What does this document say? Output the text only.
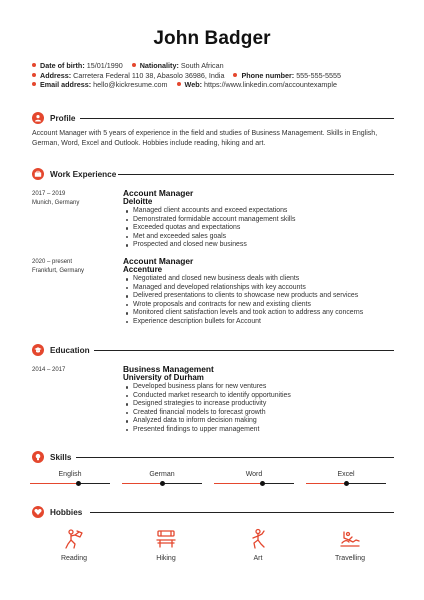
John Badger
Date of birth: 15/01/1990 Nationality: South African
Address: Carretera Federal 110 38, Abasolo 36986, India Phone number: 555-555-5555
Email address: hello@kickresume.com Web: https://www.linkedin.com/accountexample
Profile
Account Manager with 5 years of experience in the field and studies of Business Management. Skills in English, German, Word, Excel and Outlook. Hobbies include reading, hiking and art.
Work Experience
2017 – 2019
Munich, Germany
Account Manager
Deloitte
Managed client accounts and exceed expectations
Demonstrated formidable account management skills
Exceeded quotas and expectations
Met and exceeded sales goals
Prospected and closed new business
2020 – present
Frankfurt, Germany
Account Manager
Accenture
Negotiated and closed new business deals with clients
Managed and developed relationships with key accounts
Delivered presentations to clients to showcase new products and services
Wrote proposals and contracts for new and existing clients
Monitored client satisfaction levels and took action to address any concerns
Experience description bullets for Account
Education
2014 – 2017	Business Management
University of Durham
Developed business plans for new ventures
Conducted market research to identify opportunities
Designed strategies to increase productivity
Created financial models to forecast growth
Analyzed data to inform decision making
Presented findings to upper management
Skills
English	German	Word	Excel
Hobbies
Reading	Hiking	Art	Travelling
